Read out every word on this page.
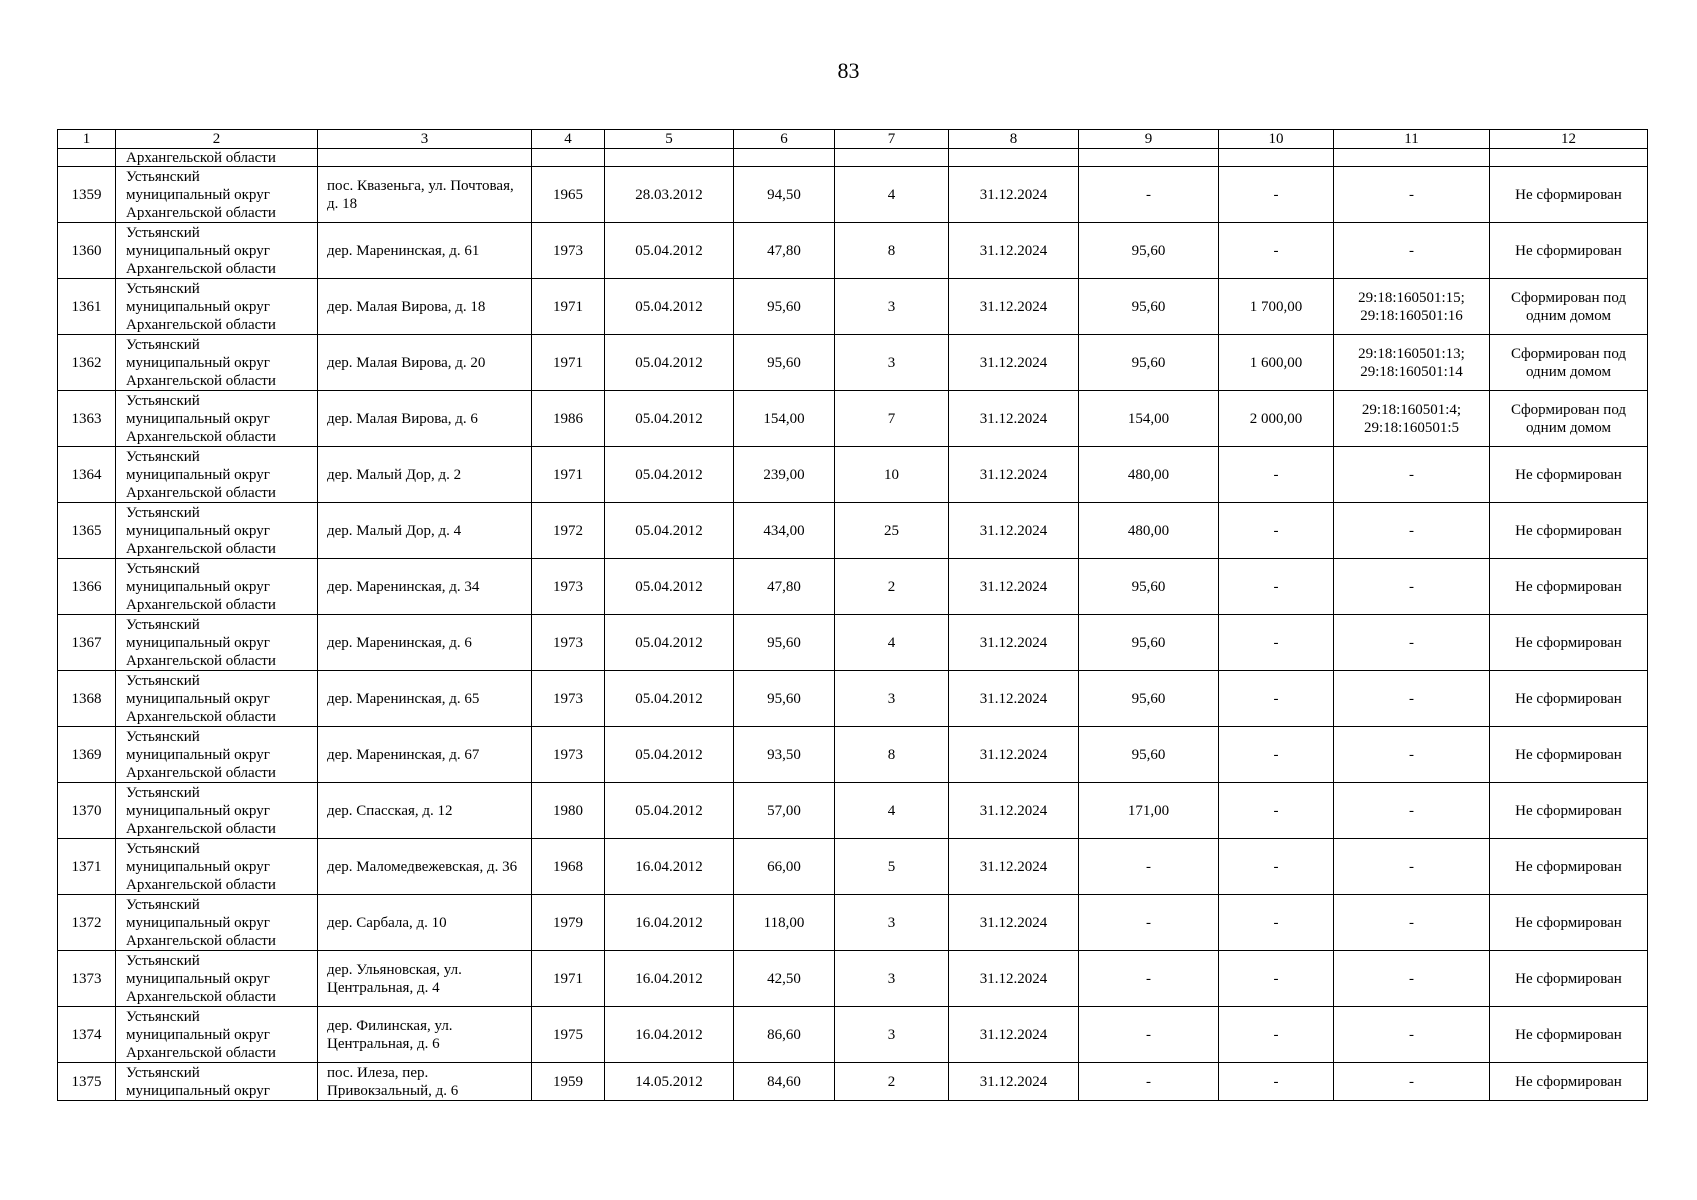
83
1	2	3	4	5	6	7	8	9	10	11	12
	Архангельской области										
1359	Устьянский
муниципальный округ
Архангельской области	пос. Квазеньга, ул. Почтовая, д. 18	1965	28.03.2012	94,50	4	31.12.2024	-	-	-	Не сформирован
1360	Устьянский
муниципальный округ
Архангельской области	дер. Маренинская, д. 61	1973	05.04.2012	47,80	8	31.12.2024	95,60	-	-	Не сформирован
1361	Устьянский
муниципальный округ
Архангельской области	дер. Малая Вирова, д. 18	1971	05.04.2012	95,60	3	31.12.2024	95,60	1 700,00	29:18:160501:15; 29:18:160501:16	Сформирован под одним домом
1362	Устьянский
муниципальный округ
Архангельской области	дер. Малая Вирова, д. 20	1971	05.04.2012	95,60	3	31.12.2024	95,60	1 600,00	29:18:160501:13; 29:18:160501:14	Сформирован под одним домом
1363	Устьянский
муниципальный округ
Архангельской области	дер. Малая Вирова, д. 6	1986	05.04.2012	154,00	7	31.12.2024	154,00	2 000,00	29:18:160501:4; 29:18:160501:5	Сформирован под одним домом
1364	Устьянский
муниципальный округ
Архангельской области	дер. Малый Дор, д. 2	1971	05.04.2012	239,00	10	31.12.2024	480,00	-	-	Не сформирован
1365	Устьянский
муниципальный округ
Архангельской области	дер. Малый Дор, д. 4	1972	05.04.2012	434,00	25	31.12.2024	480,00	-	-	Не сформирован
1366	Устьянский
муниципальный округ
Архангельской области	дер. Маренинская, д. 34	1973	05.04.2012	47,80	2	31.12.2024	95,60	-	-	Не сформирован
1367	Устьянский
муниципальный округ
Архангельской области	дер. Маренинская, д. 6	1973	05.04.2012	95,60	4	31.12.2024	95,60	-	-	Не сформирован
1368	Устьянский
муниципальный округ
Архангельской области	дер. Маренинская, д. 65	1973	05.04.2012	95,60	3	31.12.2024	95,60	-	-	Не сформирован
1369	Устьянский
муниципальный округ
Архангельской области	дер. Маренинская, д. 67	1973	05.04.2012	93,50	8	31.12.2024	95,60	-	-	Не сформирован
1370	Устьянский
муниципальный округ
Архангельской области	дер. Спасская, д. 12	1980	05.04.2012	57,00	4	31.12.2024	171,00	-	-	Не сформирован
1371	Устьянский
муниципальный округ
Архангельской области	дер. Маломедвежевская, д. 36	1968	16.04.2012	66,00	5	31.12.2024	-	-	-	Не сформирован
1372	Устьянский
муниципальный округ
Архангельской области	дер. Сарбала, д. 10	1979	16.04.2012	118,00	3	31.12.2024	-	-	-	Не сформирован
1373	Устьянский
муниципальный округ
Архангельской области	дер. Ульяновская, ул. Центральная, д. 4	1971	16.04.2012	42,50	3	31.12.2024	-	-	-	Не сформирован
1374	Устьянский
муниципальный округ
Архангельской области	дер. Филинская, ул. Центральная, д. 6	1975	16.04.2012	86,60	3	31.12.2024	-	-	-	Не сформирован
1375	Устьянский
муниципальный округ	пос. Илеза, пер. Привокзальный, д. 6	1959	14.05.2012	84,60	2	31.12.2024	-	-	-	Не сформирован
